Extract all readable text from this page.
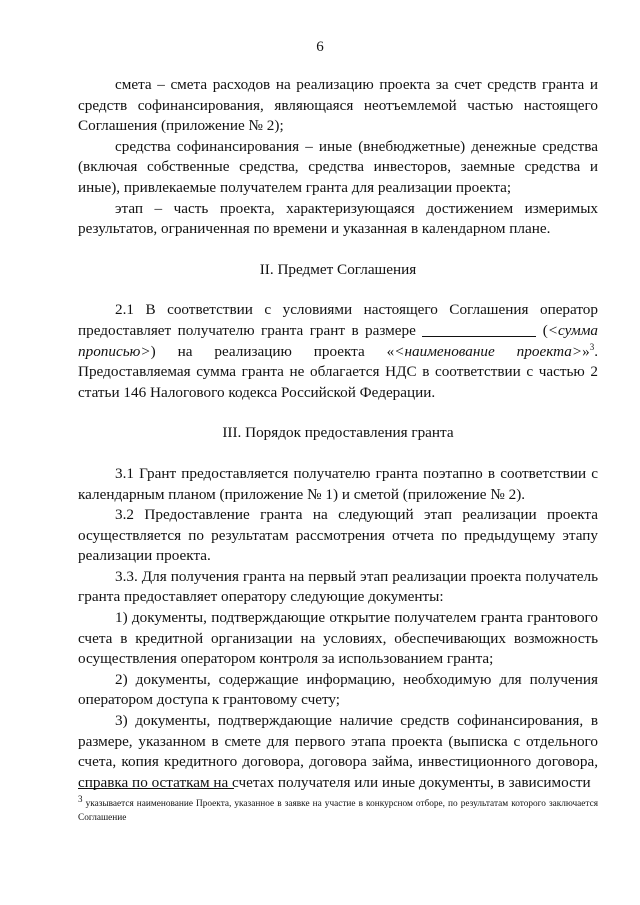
6

смета – смета расходов на реализацию проекта за счет средств гранта и средств софинансирования, являющаяся неотъемлемой частью настоящего Соглашения (приложение № 2);

средства софинансирования – иные (внебюджетные) денежные средства (включая собственные средства, средства инвесторов, заемные средства и иные), привлекаемые получателем гранта для реализации проекта;

этап – часть проекта, характеризующаяся достижением измеримых результатов, ограниченная по времени и указанная в календарном плане.

II. Предмет Соглашения

2.1 В соответствии с условиями настоящего Соглашения оператор предоставляет получателю гранта грант в размере	(<сумма прописью>) на реализацию проекта «<наименование проекта>»$^3$. Предоставляемая сумма гранта не облагается НДС в соответствии с частью 2 статьи 146 Налогового кодекса Российской Федерации.

III. Порядок предоставления гранта

3.1 Грант предоставляется получателю гранта поэтапно в соответствии с календарным планом (приложение № 1) и сметой (приложение № 2).

3.2 Предоставление гранта на следующий этап реализации проекта осуществляется по результатам рассмотрения отчета по предыдущему этапу реализации проекта.

3.3. Для получения гранта на первый этап реализации проекта получатель гранта предоставляет оператору следующие документы:

1) документы, подтверждающие открытие получателем гранта грантового счета в кредитной организации на условиях, обеспечивающих возможность осуществления оператором контроля за использованием гранта;

2) документы, содержащие информацию, необходимую для получения оператором доступа к грантовому счету;

3) документы, подтверждающие наличие средств софинансирования, в размере, указанном в смете для первого этапа проекта (выписка с отдельного счета, копия кредитного договора, договора займа, инвестиционного договора, справка по остаткам на счетах получателя или иные документы, в зависимости

$^3$ указывается наименование Проекта, указанное в заявке на участие в конкурсном отборе, по результатам которого заключается Соглашение
